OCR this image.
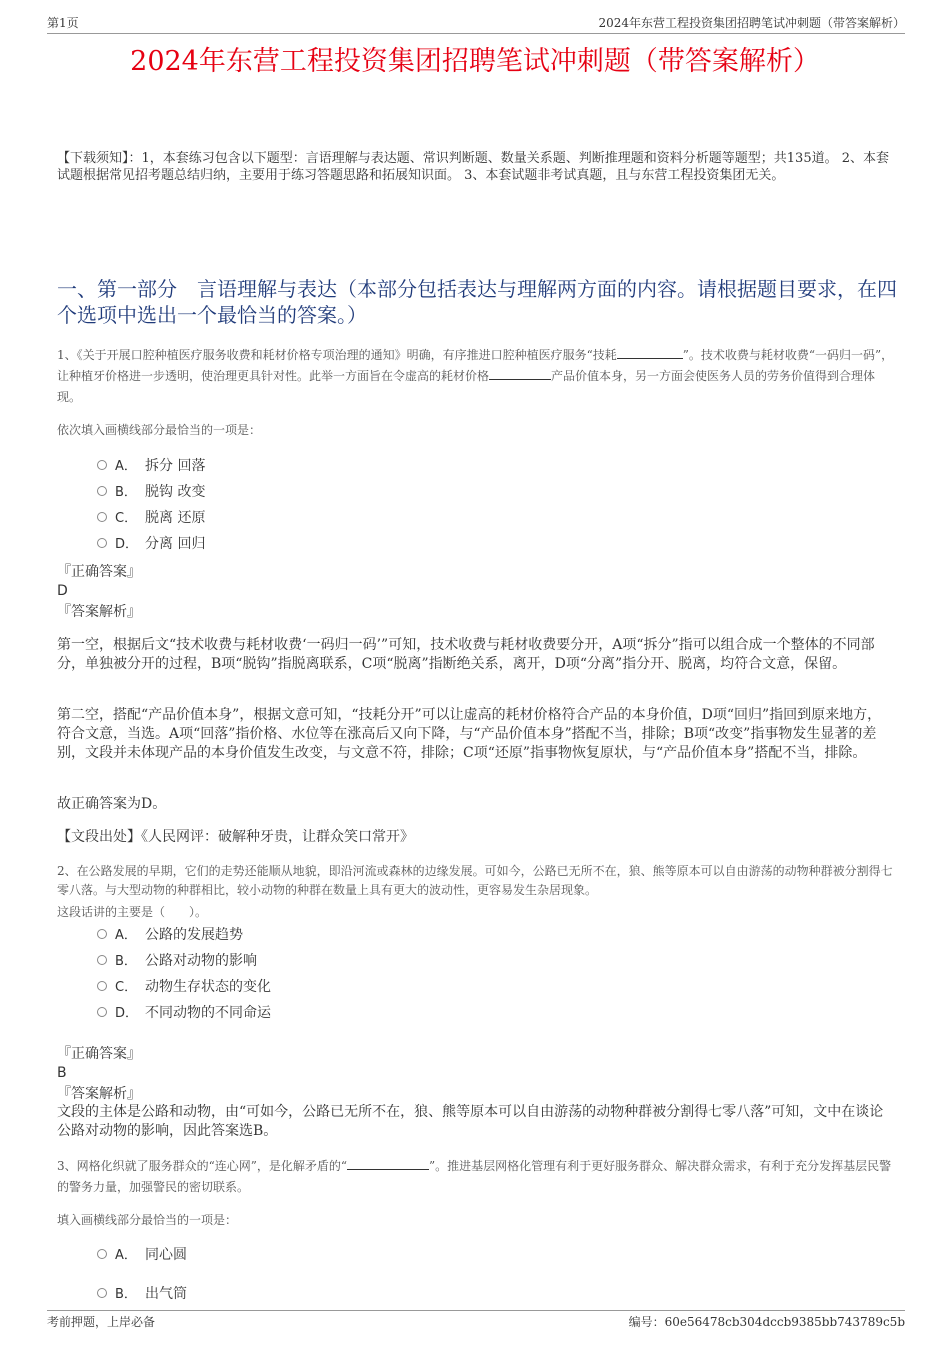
第1页	2024年东营工程投资集团招聘笔试冲刺题（带答案解析）
2024年东营工程投资集团招聘笔试冲刺题（带答案解析）
【下载须知】：1，本套练习包含以下题型：言语理解与表达题、常识判断题、数量关系题、判断推理题和资料分析题等题型；共135道。 2、本套试题根据常见招考题总结归纳，主要用于练习答题思路和拓展知识面。 3、本套试题非考试真题，且与东营工程投资集团无关。
一、第一部分　言语理解与表达（本部分包括表达与理解两方面的内容。请根据题目要求，在四个选项中选出一个最恰当的答案。）
1、《关于开展口腔种植医疗服务收费和耗材价格专项治理的通知》明确，有序推进口腔种植医疗服务“技耗	”。技术收费与耗材收费“一码归一码”，让种植牙价格进一步透明，使治理更具针对性。此举一方面旨在令虚高的耗材价格	产品价值本身，另一方面会使医务人员的劳务价值得到合理体现。
依次填入画横线部分最恰当的一项是：
A． 拆分 回落
B． 脱钩 改变
C． 脱离 还原
D． 分离 回归
『正确答案』
D
『答案解析』
第一空，根据后文“技术收费与耗材收费‘一码归一码’”可知，技术收费与耗材收费要分开，A项“拆分”指可以组合成一个整体的不同部分，单独被分开的过程，B项“脱钩”指脱离联系，C项“脱离”指断绝关系，离开，D项“分离”指分开、脱离，均符合文意，保留。
第二空，搭配“产品价值本身”，根据文意可知，“技耗分开”可以让虚高的耗材价格符合产品的本身价值，D项“回归”指回到原来地方，符合文意，当选。A项“回落”指价格、水位等在涨高后又向下降，与“产品价值本身”搭配不当，排除；B项“改变”指事物发生显著的差别，文段并未体现产品的本身价值发生改变，与文意不符，排除；C项“还原”指事物恢复原状，与“产品价值本身”搭配不当，排除。
故正确答案为D。
【文段出处】《人民网评：破解种牙贵，让群众笑口常开》
2、在公路发展的早期，它们的走势还能顺从地貌，即沿河流或森林的边缘发展。可如今，公路已无所不在，狼、熊等原本可以自由游荡的动物种群被分割得七零八落。与大型动物的种群相比，较小动物的种群在数量上具有更大的波动性，更容易发生杂居现象。
这段话讲的主要是（　　）。
A． 公路的发展趋势
B． 公路对动物的影响
C． 动物生存状态的变化
D． 不同动物的不同命运
『正确答案』
B
『答案解析』
文段的主体是公路和动物，由“可如今，公路已无所不在，狼、熊等原本可以自由游荡的动物种群被分割得七零八落”可知，文中在谈论公路对动物的影响，因此答案选B。
3、网格化织就了服务群众的“连心网”，是化解矛盾的“	”。推进基层网格化管理有利于更好服务群众、解决群众需求，有利于充分发挥基层民警的警务力量，加强警民的密切联系。
填入画横线部分最恰当的一项是：
A． 同心圆
B． 出气筒
考前押题，上岸必备	编号：60e56478cb304dccb9385bb743789c5b
